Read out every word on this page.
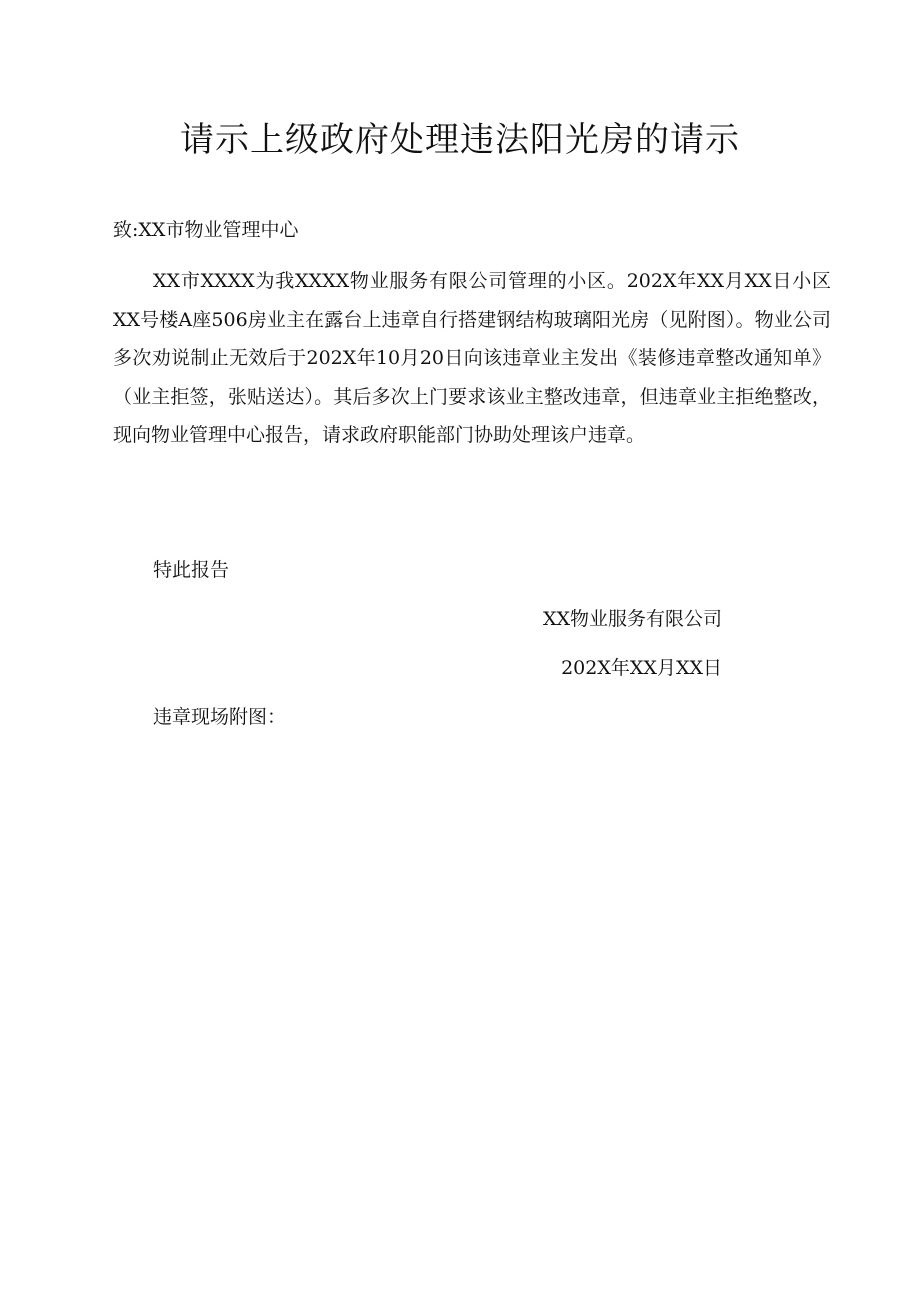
请示上级政府处理违法阳光房的请示
致:XX市物业管理中心

XX市XXXX为我XXXX物业服务有限公司管理的小区。202X年XX月XX日小区XX号楼A座506房业主在露台上违章自行搭建钢结构玻璃阳光房（见附图）。物业公司多次劝说制止无效后于202X年10月20日向该违章业主发出《装修违章整改通知单》（业主拒签，张贴送达）。其后多次上门要求该业主整改违章，但违章业主拒绝整改，现向物业管理中心报告，请求政府职能部门协助处理该户违章。

特此报告
XX物业服务有限公司
202X年XX月XX日
违章现场附图：
